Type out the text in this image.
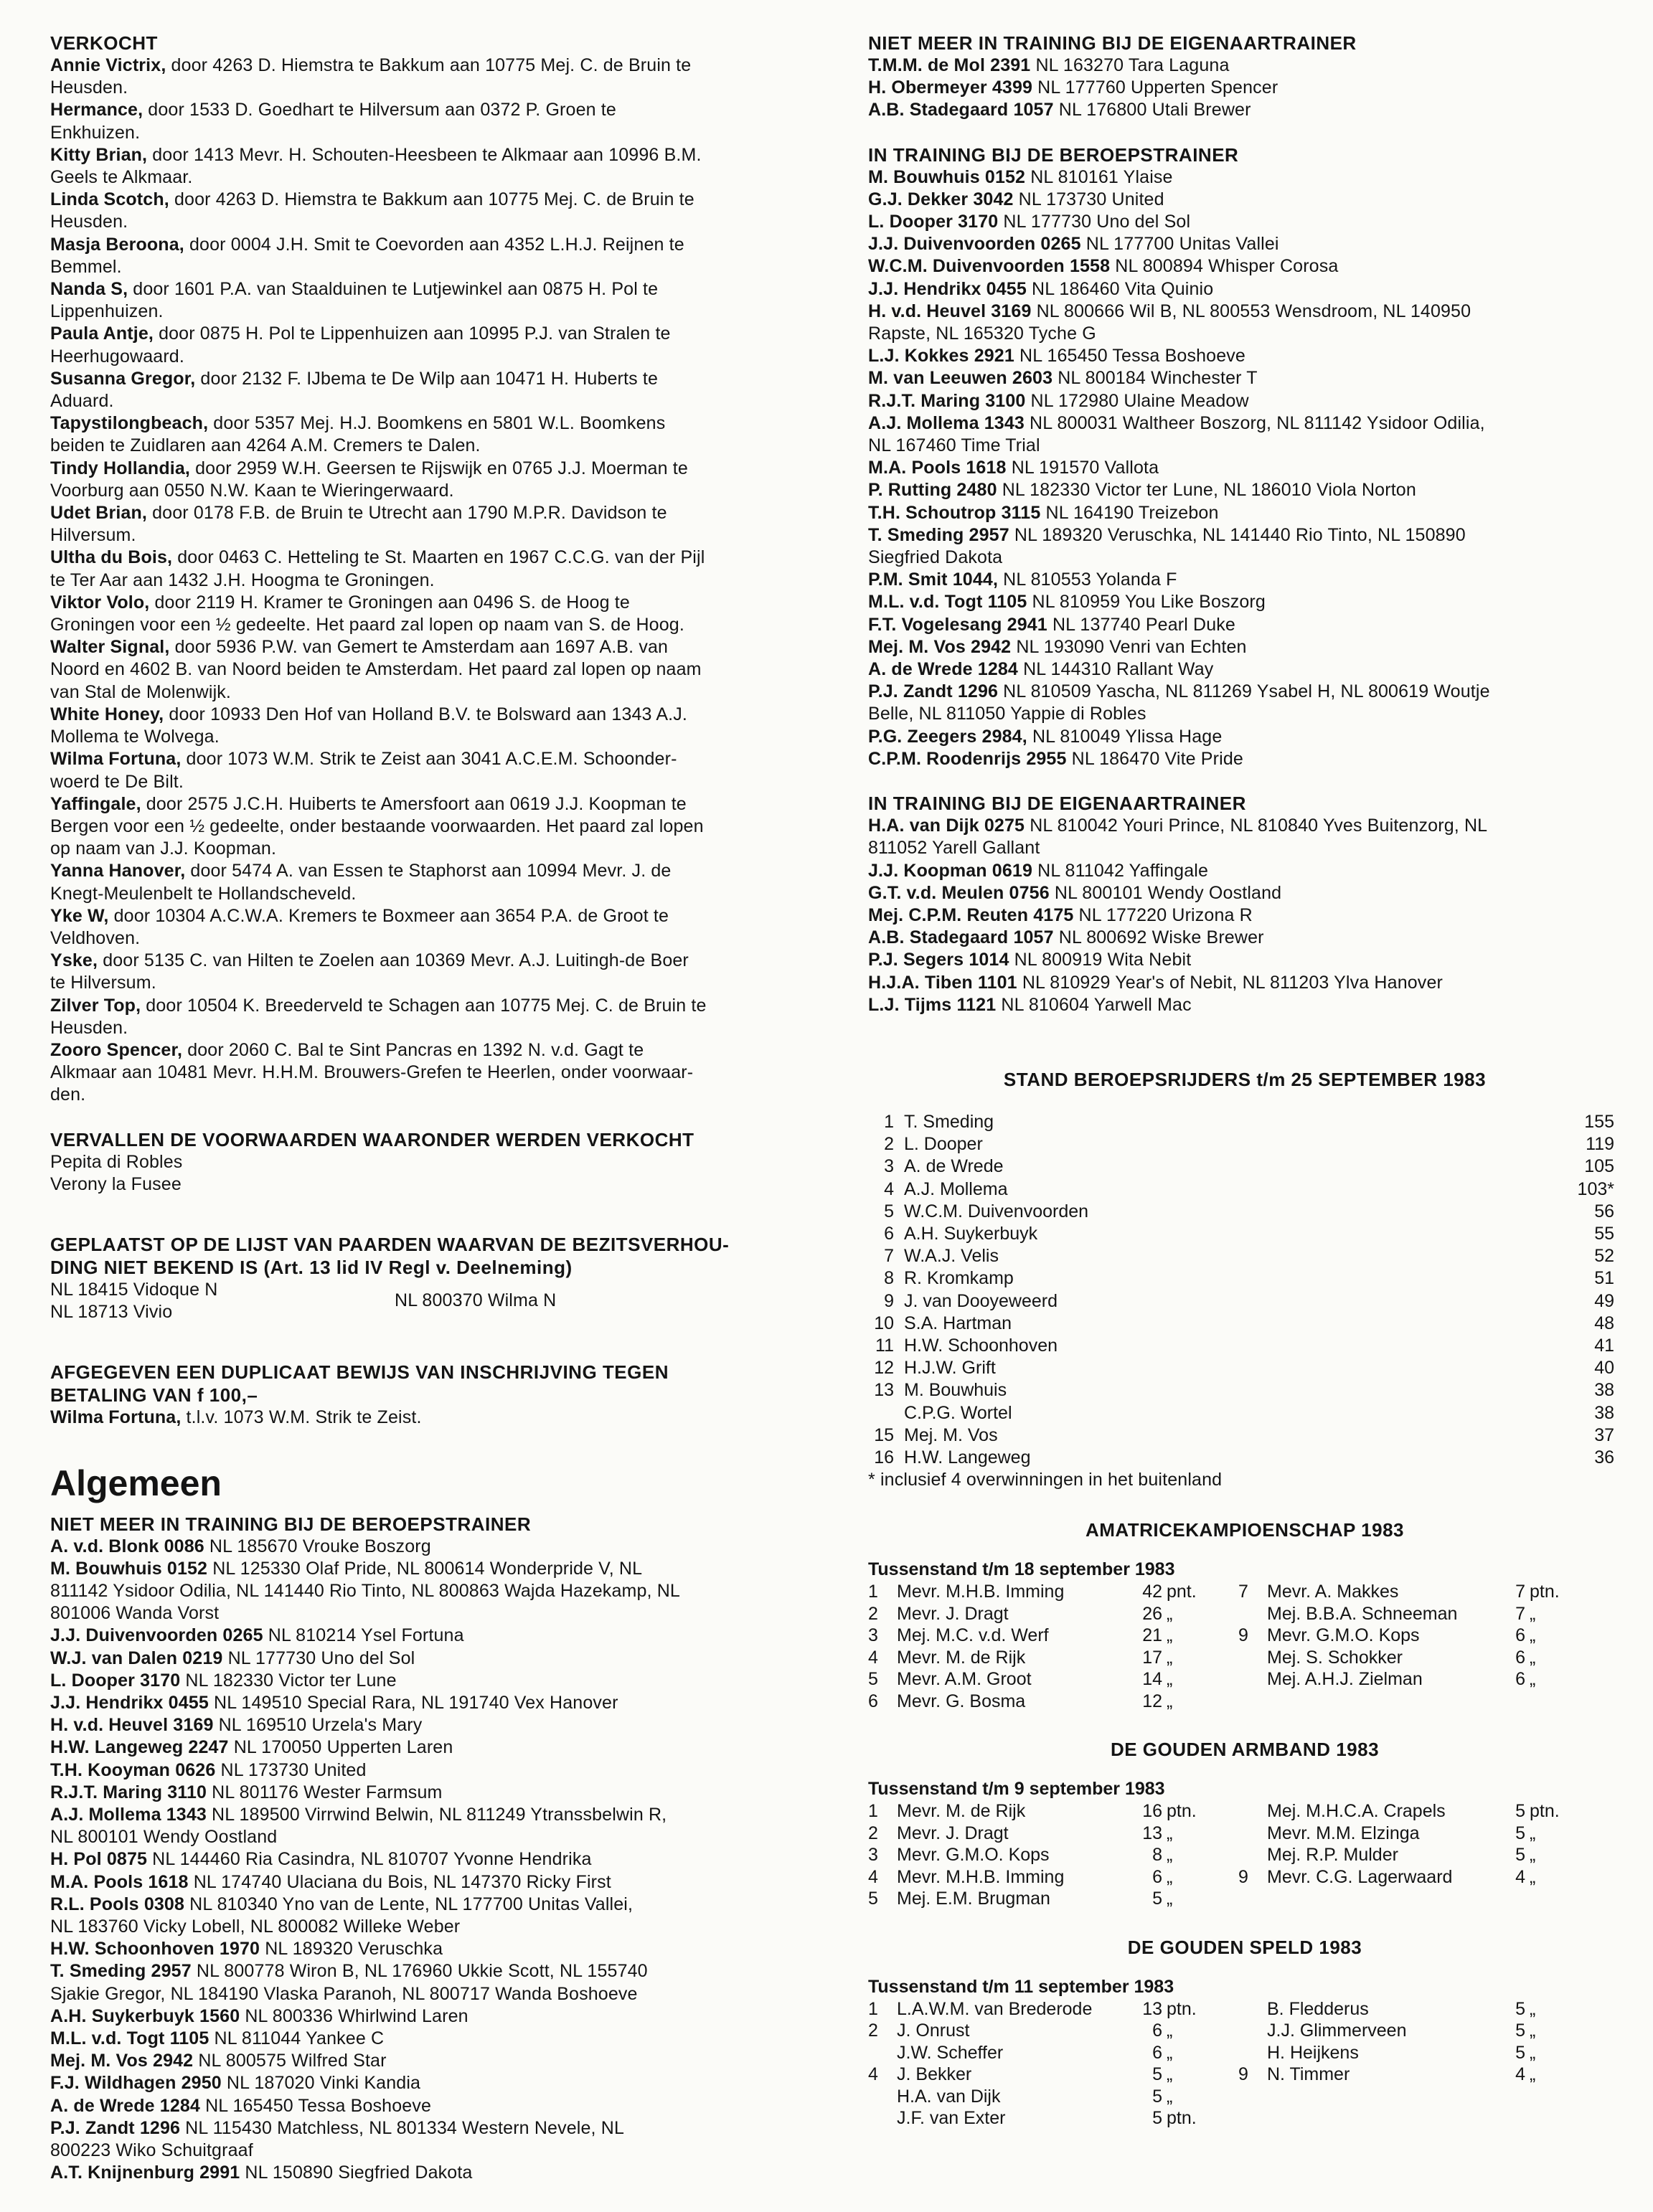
VERKOCHT
Annie Victrix, door 4263 D. Hiemstra te Bakkum aan 10775 Mej. C. de Bruin te
Heusden.
Hermance, door 1533 D. Goedhart te Hilversum aan 0372 P. Groen te
Enkhuizen.
Kitty Brian, door 1413 Mevr. H. Schouten-Heesbeen te Alkmaar aan 10996 B.M.
Geels te Alkmaar.
Linda Scotch, door 4263 D. Hiemstra te Bakkum aan 10775 Mej. C. de Bruin te
Heusden.
Masja Beroona, door 0004 J.H. Smit te Coevorden aan 4352 L.H.J. Reijnen te
Bemmel.
Nanda S, door 1601 P.A. van Staalduinen te Lutjewinkel aan 0875 H. Pol te
Lippenhuizen.
Paula Antje, door 0875 H. Pol te Lippenhuizen aan 10995 P.J. van Stralen te
Heerhugowaard.
Susanna Gregor, door 2132 F. IJbema te De Wilp aan 10471 H. Huberts te
Aduard.
Tapystilongbeach, door 5357 Mej. H.J. Boomkens en 5801 W.L. Boomkens
beiden te Zuidlaren aan 4264 A.M. Cremers te Dalen.
Tindy Hollandia, door 2959 W.H. Geersen te Rijswijk en 0765 J.J. Moerman te
Voorburg aan 0550 N.W. Kaan te Wieringerwaard.
Udet Brian, door 0178 F.B. de Bruin te Utrecht aan 1790 M.P.R. Davidson te
Hilversum.
Ultha du Bois, door 0463 C. Hetteling te St. Maarten en 1967 C.C.G. van der Pijl
te Ter Aar aan 1432 J.H. Hoogma te Groningen.
Viktor Volo, door 2119 H. Kramer te Groningen aan 0496 S. de Hoog te
Groningen voor een ½ gedeelte. Het paard zal lopen op naam van S. de Hoog.
Walter Signal, door 5936 P.W. van Gemert te Amsterdam aan 1697 A.B. van
Noord en 4602 B. van Noord beiden te Amsterdam. Het paard zal lopen op naam
van Stal de Molenwijk.
White Honey, door 10933 Den Hof van Holland B.V. te Bolsward aan 1343 A.J.
Mollema te Wolvega.
Wilma Fortuna, door 1073 W.M. Strik te Zeist aan 3041 A.C.E.M. Schoonder-
woerd te De Bilt.
Yaffingale, door 2575 J.C.H. Huiberts te Amersfoort aan 0619 J.J. Koopman te
Bergen voor een ½ gedeelte, onder bestaande voorwaarden. Het paard zal lopen
op naam van J.J. Koopman.
Yanna Hanover, door 5474 A. van Essen te Staphorst aan 10994 Mevr. J. de
Knegt-Meulenbelt te Hollandscheveld.
Yke W, door 10304 A.C.W.A. Kremers te Boxmeer aan 3654 P.A. de Groot te
Veldhoven.
Yske, door 5135 C. van Hilten te Zoelen aan 10369 Mevr. A.J. Luitingh-de Boer
te Hilversum.
Zilver Top, door 10504 K. Breederveld te Schagen aan 10775 Mej. C. de Bruin te
Heusden.
Zooro Spencer, door 2060 C. Bal te Sint Pancras en 1392 N. v.d. Gagt te
Alkmaar aan 10481 Mevr. H.H.M. Brouwers-Grefen te Heerlen, onder voorwaar-
den.
VERVALLEN DE VOORWAARDEN WAARONDER WERDEN VERKOCHT
Pepita di Robles
Verony la Fusee
GEPLAATST OP DE LIJST VAN PAARDEN WAARVAN DE BEZITSVERHOU-
DING NIET BEKEND IS (Art. 13 lid IV Regl v. Deelneming)
NL 18415 Vidoque N
NL 18713 Vivio
NL 800370 Wilma N
AFGEGEVEN EEN DUPLICAAT BEWIJS VAN INSCHRIJVING TEGEN
BETALING VAN f 100,–
Wilma Fortuna, t.l.v. 1073 W.M. Strik te Zeist.
Algemeen
NIET MEER IN TRAINING BIJ DE BEROEPSTRAINER
A. v.d. Blonk 0086 NL 185670 Vrouke Boszorg
M. Bouwhuis 0152 NL 125330 Olaf Pride, NL 800614 Wonderpride V, NL
811142 Ysidoor Odilia, NL 141440 Rio Tinto, NL 800863 Wajda Hazekamp, NL
801006 Wanda Vorst
J.J. Duivenvoorden 0265 NL 810214 Ysel Fortuna
W.J. van Dalen 0219 NL 177730 Uno del Sol
L. Dooper 3170 NL 182330 Victor ter Lune
J.J. Hendrikx 0455 NL 149510 Special Rara, NL 191740 Vex Hanover
H. v.d. Heuvel 3169 NL 169510 Urzela's Mary
H.W. Langeweg 2247 NL 170050 Upperten Laren
T.H. Kooyman 0626 NL 173730 United
R.J.T. Maring 3110 NL 801176 Wester Farmsum
A.J. Mollema 1343 NL 189500 Virrwind Belwin, NL 811249 Ytranssbelwin R,
NL 800101 Wendy Oostland
H. Pol 0875 NL 144460 Ria Casindra, NL 810707 Yvonne Hendrika
M.A. Pools 1618 NL 174740 Ulaciana du Bois, NL 147370 Ricky First
R.L. Pools 0308 NL 810340 Yno van de Lente, NL 177700 Unitas Vallei,
NL 183760 Vicky Lobell, NL 800082 Willeke Weber
H.W. Schoonhoven 1970 NL 189320 Veruschka
T. Smeding 2957 NL 800778 Wiron B, NL 176960 Ukkie Scott, NL 155740
Sjakie Gregor, NL 184190 Vlaska Paranoh, NL 800717 Wanda Boshoeve
A.H. Suykerbuyk 1560 NL 800336 Whirlwind Laren
M.L. v.d. Togt 1105 NL 811044 Yankee C
Mej. M. Vos 2942 NL 800575 Wilfred Star
F.J. Wildhagen 2950 NL 187020 Vinki Kandia
A. de Wrede 1284 NL 165450 Tessa Boshoeve
P.J. Zandt 1296 NL 115430 Matchless, NL 801334 Western Nevele, NL
800223 Wiko Schuitgraaf
A.T. Knijnenburg 2991 NL 150890 Siegfried Dakota
NIET MEER IN TRAINING BIJ DE EIGENAARTRAINER
T.M.M. de Mol 2391 NL 163270 Tara Laguna
H. Obermeyer 4399 NL 177760 Upperten Spencer
A.B. Stadegaard 1057 NL 176800 Utali Brewer
IN TRAINING BIJ DE BEROEPSTRAINER
M. Bouwhuis 0152 NL 810161 Ylaise
G.J. Dekker 3042 NL 173730 United
L. Dooper 3170 NL 177730 Uno del Sol
J.J. Duivenvoorden 0265 NL 177700 Unitas Vallei
W.C.M. Duivenvoorden 1558 NL 800894 Whisper Corosa
J.J. Hendrikx 0455 NL 186460 Vita Quinio
H. v.d. Heuvel 3169 NL 800666 Wil B, NL 800553 Wensdroom, NL 140950
Rapste, NL 165320 Tyche G
L.J. Kokkes 2921 NL 165450 Tessa Boshoeve
M. van Leeuwen 2603 NL 800184 Winchester T
R.J.T. Maring 3100 NL 172980 Ulaine Meadow
A.J. Mollema 1343 NL 800031 Waltheer Boszorg, NL 811142 Ysidoor Odilia,
NL 167460 Time Trial
M.A. Pools 1618 NL 191570 Vallota
P. Rutting 2480 NL 182330 Victor ter Lune, NL 186010 Viola Norton
T.H. Schoutrop 3115 NL 164190 Treizebon
T. Smeding 2957 NL 189320 Veruschka, NL 141440 Rio Tinto, NL 150890
Siegfried Dakota
P.M. Smit 1044, NL 810553 Yolanda F
M.L. v.d. Togt 1105 NL 810959 You Like Boszorg
F.T. Vogelesang 2941 NL 137740 Pearl Duke
Mej. M. Vos 2942 NL 193090 Venri van Echten
A. de Wrede 1284 NL 144310 Rallant Way
P.J. Zandt 1296 NL 810509 Yascha, NL 811269 Ysabel H, NL 800619 Woutje
Belle, NL 811050 Yappie di Robles
P.G. Zeegers 2984, NL 810049 Ylissa Hage
C.P.M. Roodenrijs 2955 NL 186470 Vite Pride
IN TRAINING BIJ DE EIGENAARTRAINER
H.A. van Dijk 0275 NL 810042 Youri Prince, NL 810840 Yves Buitenzorg, NL
811052 Yarell Gallant
J.J. Koopman 0619 NL 811042 Yaffingale
G.T. v.d. Meulen 0756 NL 800101 Wendy Oostland
Mej. C.P.M. Reuten 4175 NL 177220 Urizona R
A.B. Stadegaard 1057 NL 800692 Wiske Brewer
P.J. Segers 1014 NL 800919 Wita Nebit
H.J.A. Tiben 1101 NL 810929 Year's of Nebit, NL 811203 Ylva Hanover
L.J. Tijms 1121 NL 810604 Yarwell Mac
STAND BEROEPSRIJDERS t/m 25 SEPTEMBER 1983
1	T. Smeding	155
2	L. Dooper	119
3	A. de Wrede	105
4	A.J. Mollema	103*
5	W.C.M. Duivenvoorden	56
6	A.H. Suykerbuyk	55
7	W.A.J. Velis	52
8	R. Kromkamp	51
9	J. van Dooyeweerd	49
10	S.A. Hartman	48
11	H.W. Schoonhoven	41
12	H.J.W. Grift	40
13	M. Bouwhuis	38
	C.P.G. Wortel	38
15	Mej. M. Vos	37
16	H.W. Langeweg	36
* inclusief 4 overwinningen in het buitenland
AMATRICEKAMPIOENSCHAP 1983
Tussenstand t/m 18 september 1983
1	Mevr. M.H.B. Imming	42	pnt.	7	Mevr. A. Makkes	7	ptn.
2	Mevr. J. Dragt	26	„		Mej. B.B.A. Schneeman	7	„
3	Mej. M.C. v.d. Werf	21	„	9	Mevr. G.M.O. Kops	6	„
4	Mevr. M. de Rijk	17	„		Mej. S. Schokker	6	„
5	Mevr. A.M. Groot	14	„		Mej. A.H.J. Zielman	6	„
6	Mevr. G. Bosma	12	„				
DE GOUDEN ARMBAND 1983
Tussenstand t/m 9 september 1983
1	Mevr. M. de Rijk	16	ptn.		Mej. M.H.C.A. Crapels	5	ptn.
2	Mevr. J. Dragt	13	„		Mevr. M.M. Elzinga	5	„
3	Mevr. G.M.O. Kops	8	„		Mej. R.P. Mulder	5	„
4	Mevr. M.H.B. Imming	6	„	9	Mevr. C.G. Lagerwaard	4	„
5	Mej. E.M. Brugman	5	„				
DE GOUDEN SPELD 1983
Tussenstand t/m 11 september 1983
1	L.A.W.M. van Brederode	13	ptn.		B. Fledderus	5	„
2	J. Onrust	6	„		J.J. Glimmerveen	5	„
	J.W. Scheffer	6	„		H. Heijkens	5	„
4	J. Bekker	5	„	9	N. Timmer	4	„
	H.A. van Dijk	5	„				
	J.F. van Exter	5	ptn.				
